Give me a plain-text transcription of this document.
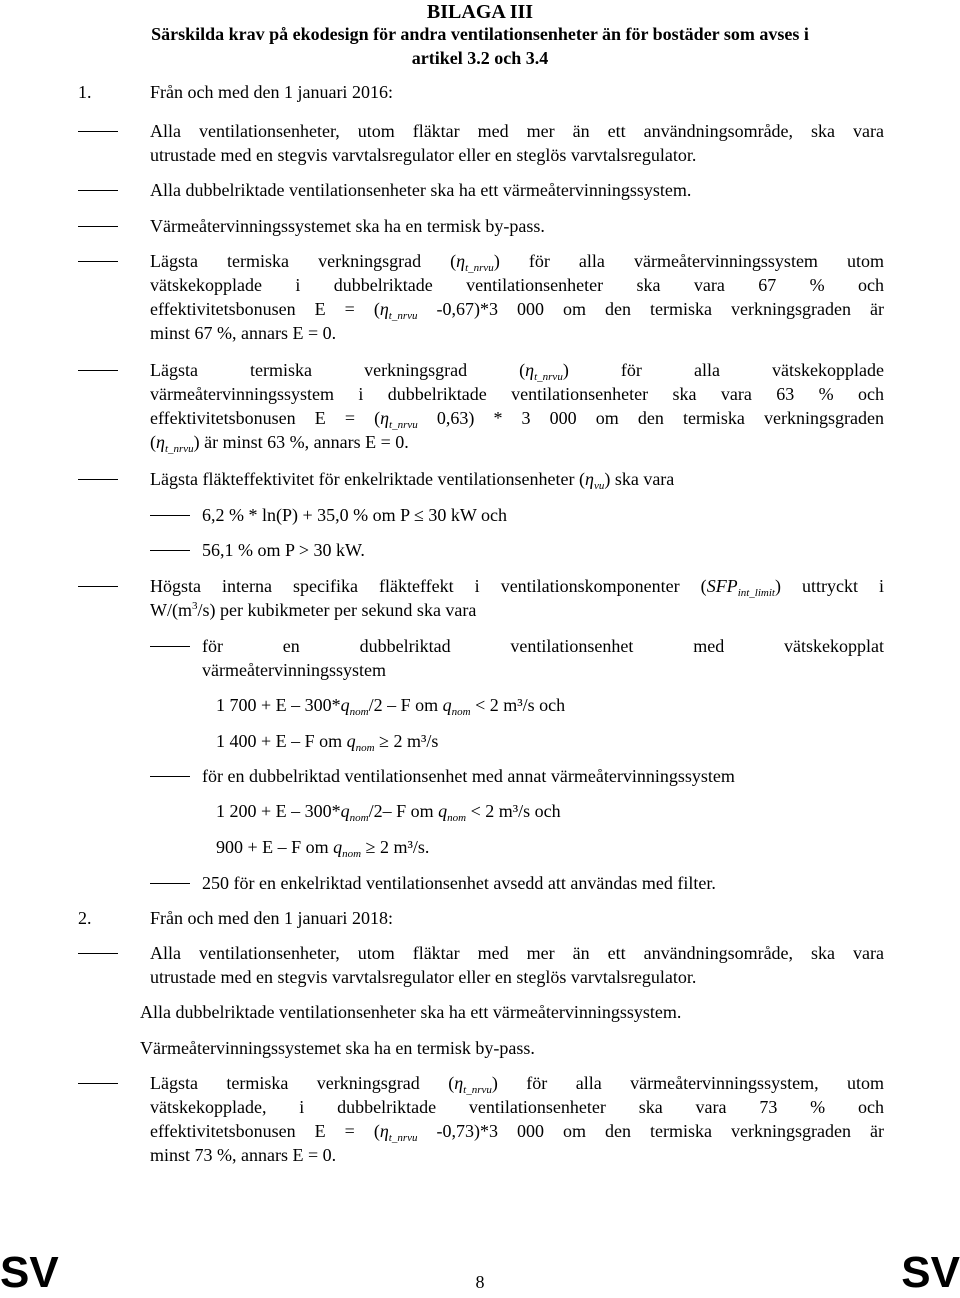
BILAGA III
Särskilda krav på ekodesign för andra ventilationsenheter än för bostäder som avses i
artikel 3.2 och 3.4
1.	Från och med den 1 januari 2016:
Alla ventilationsenheter, utom fläktar med mer än ett användningsområde, ska vara
utrustade med en stegvis varvtalsregulator eller en steglös varvtalsregulator.
Alla dubbelriktade ventilationsenheter ska ha ett värmeåtervinningssystem.
Värmeåtervinningssystemet ska ha en termisk by-pass.
Lägsta termiska verkningsgrad $(\eta_{t\_nrvu})$ för alla värmeåtervinningssystem utom
vätskekopplade i dubbelriktade ventilationsenheter ska vara 67 % och
effektivitetsbonusen $E = (\eta_{t\_nrvu}$ -0,67)*3 000 om den termiska verkningsgraden är
minst 67 %, annars E = 0.
Lägsta termiska verkningsgrad $(\eta_{t\_nrvu})$ för alla vätskekopplade
värmeåtervinningssystem i dubbelriktade ventilationsenheter ska vara 63 % och
effektivitetsbonusen $E = (\eta_{t\_nrvu}$ 0,63) * 3 000 om den termiska verkningsgraden
$(\eta_{t\_nrvu})$ är minst 63 %, annars E = 0.
Lägsta fläkteffektivitet för enkelriktade ventilationsenheter $(\eta_{vu})$ ska vara
6,2 % * ln(P) + 35,0 % om P ≤ 30 kW och
56,1 % om P > 30 kW.
Högsta interna specifika fläkteffekt i ventilationskomponenter $(SFP_{int\_limit})$ uttryckt i
$W/(m^3/s)$ per kubikmeter per sekund ska vara
för en dubbelriktad ventilationsenhet med vätskekopplat
värmeåtervinningssystem
1 $700 + E - 300*q_{nom}/2 - F$ om $q_{nom} < 2$ m³/s och
1 400 + E – F om $q_{nom} \ge 2$ m³/s
för en dubbelriktad ventilationsenhet med annat värmeåtervinningssystem
1 $200 + E - 300*q_{nom}/2-$ F om $q_{nom} < 2$ m³/s och
900 + E – F om $q_{nom} \ge 2$ m³/s.
250 för en enkelriktad ventilationsenhet avsedd att användas med filter.
2.	Från och med den 1 januari 2018:
Alla ventilationsenheter, utom fläktar med mer än ett användningsområde, ska vara
utrustade med en stegvis varvtalsregulator eller en steglös varvtalsregulator.
Alla dubbelriktade ventilationsenheter ska ha ett värmeåtervinningssystem.
Värmeåtervinningssystemet ska ha en termisk by-pass.
Lägsta termiska verkningsgrad $(\eta_{t\_nrvu})$ för alla värmeåtervinningssystem, utom
vätskekopplade, i dubbelriktade ventilationsenheter ska vara 73 % och
effektivitetsbonusen $E = (\eta_{t\_nrvu}$ -0,73)*3 000 om den termiska verkningsgraden är
minst 73 %, annars E = 0.
SV	8	SV
